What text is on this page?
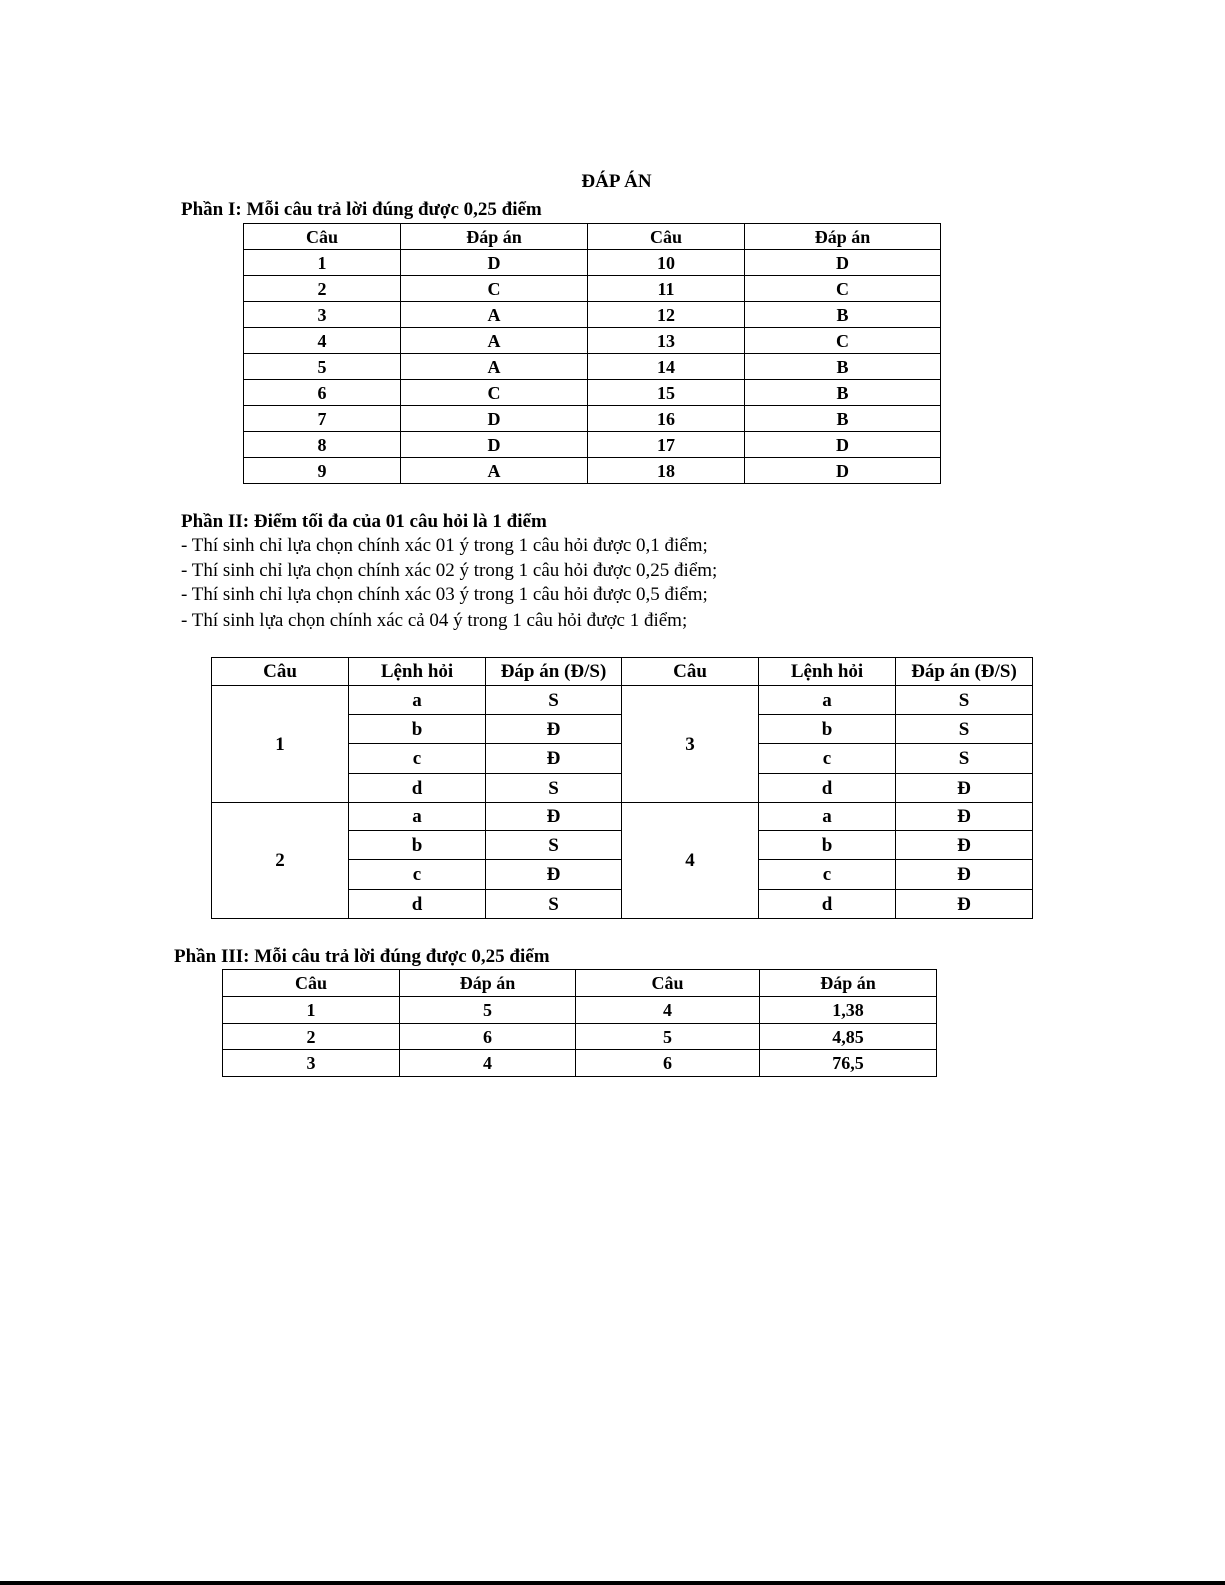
ĐÁP ÁN
Phần I: Mỗi câu trả lời đúng được 0,25 điểm
Câu	Đáp án	Câu	Đáp án
1	D	10	D
2	C	11	C
3	A	12	B
4	A	13	C
5	A	14	B
6	C	15	B
7	D	16	B
8	D	17	D
9	A	18	D
Phần II: Điểm tối đa của 01 câu hỏi là 1 điểm
- Thí sinh chỉ lựa chọn chính xác 01 ý trong 1 câu hỏi được 0,1 điểm;
- Thí sinh chỉ lựa chọn chính xác 02 ý trong 1 câu hỏi được 0,25 điểm;
- Thí sinh chỉ lựa chọn chính xác 03 ý trong 1 câu hỏi được 0,5 điểm;
- Thí sinh lựa chọn chính xác cả 04 ý trong 1 câu hỏi được 1 điểm;
Câu	Lệnh hỏi	Đáp án (Đ/S)	Câu	Lệnh hỏi	Đáp án (Đ/S)
1	a	S	3	a	S
	b	Đ		b	S
	c	Đ		c	S
	d	S		d	Đ
2	a	Đ	4	a	Đ
	b	S		b	Đ
	c	Đ		c	Đ
	d	S		d	Đ
Phần III: Mỗi câu trả lời đúng được 0,25 điểm
Câu	Đáp án	Câu	Đáp án
1	5	4	1,38
2	6	5	4,85
3	4	6	76,5
